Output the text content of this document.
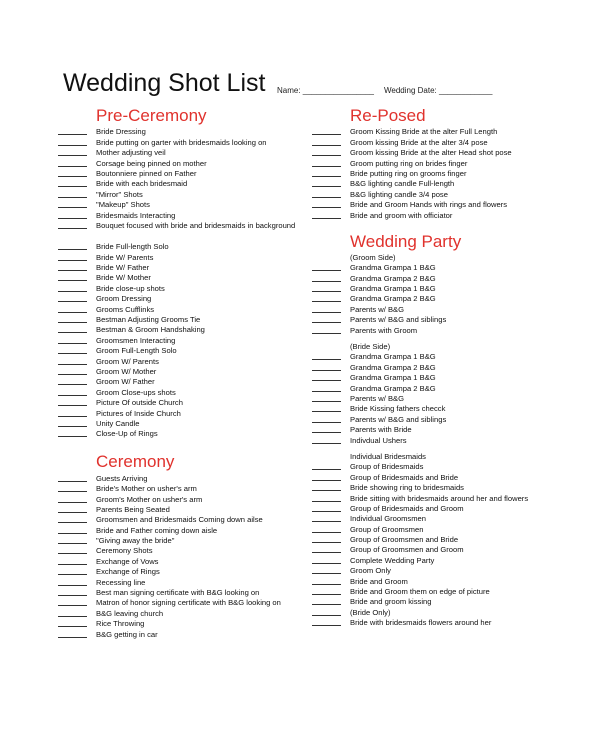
Wedding Shot List Name: ________________ Wedding Date: ____________
Pre-Ceremony
Bride Dressing
Bride putting on garter with bridesmaids looking on
Mother adjusting veil
Corsage being pinned on mother
Boutonniere pinned on Father
Bride with each bridesmaid
"Mirror" Shots
"Makeup" Shots
Bridesmaids Interacting
Bouquet focused with bride and bridesmaids in background
Bride Full-length Solo
Bride W/ Parents
Bride W/ Father
Bride W/ Mother
Bride close-up shots
Groom Dressing
Grooms Cufflinks
Bestman Adjusting Grooms Tie
Bestman & Groom Handshaking
Groomsmen Interacting
Groom Full-Length Solo
Groom W/ Parents
Groom W/ Mother
Groom W/ Father
Groom Close-ups shots
Picture Of outside Church
Pictures of Inside Church
Unity Candle
Close-Up of Rings
Ceremony
Guests Arriving
Bride's Mother on usher's arm
Groom's Mother on usher's arm
Parents Being Seated
Groomsmen and Bridesmaids Coming down ailse
Bride and Father coming down aisle
"Giving away the bride"
Ceremony Shots
Exchange of Vows
Exchange of Rings
Recessing line
Best man signing certificate with B&G looking on
Matron of honor signing certificate with B&G looking on
B&G leaving church
Rice Throwing
B&G getting in car
Re-Posed
Groom Kissing Bride at the alter Full Length
Groom kissing Bride at the alter 3/4 pose
Groom kissing Bride at the alter Head shot pose
Groom putting ring on brides finger
Bride putting ring on grooms finger
B&G lighting candle Full-length
B&G lighting candle 3/4 pose
Bride and Groom Hands with rings and flowers
Bride and groom with officiator
Wedding Party
(Groom Side)
Grandma Grampa 1 B&G
Grandma Grampa 2 B&G
Grandma Grampa 1 B&G
Grandma Grampa 2 B&G
Parents w/ B&G
Parents w/ B&G and siblings
Parents with Groom
(Bride Side)
Grandma Grampa 1 B&G
Grandma Grampa 2 B&G
Grandma Grampa 1 B&G
Grandma Grampa 2 B&G
Parents w/ B&G
Bride Kissing fathers checck
Parents w/ B&G and siblings
Parents with Bride
Indivdual Ushers
Individual Bridesmaids
Group of Bridesmaids
Group of Bridesmaids and Bride
Bride showing ring to bridesmaids
Bride sitting with bridesmaids around her and flowers
Group of Bridesmaids and Groom
Individual Groomsmen
Group of Groomsmen
Group of Groomsmen and Bride
Group of Groomsmen and Groom
Complete Wedding Party
Groom Only
Bride and Groom
Bride and Groom them on edge of picture
Bride and groom kissing
(Bride Only)
Bride with bridesmaids flowers around her
